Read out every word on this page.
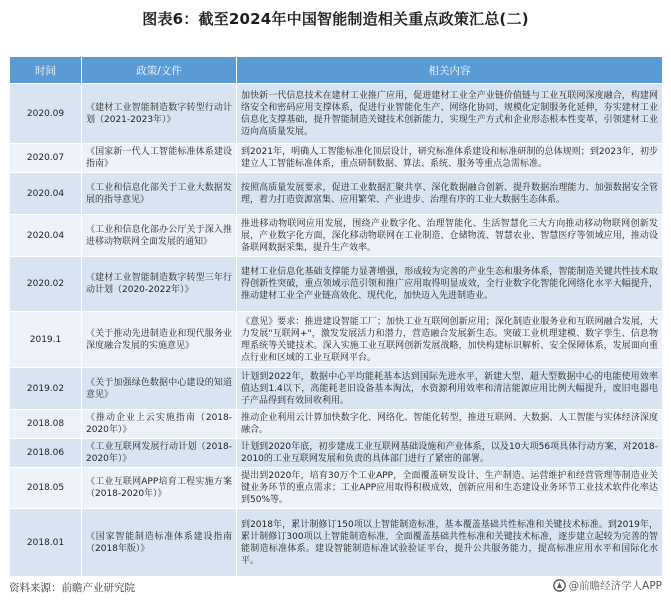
图表6：截至2024年中国智能制造相关重点政策汇总(二)
时间	政策/文件	相关内容
2020.09	《建材工业智能制造数字转型行动计划（2021-2023年）》	加快新一代信息技术在建材工业推广应用，促进建材工业全产业链价值链与工业互联网深度融合，构建网络安全和密码应用支撑体系，促进行业智能化生产、网络化协同、规模化定制服务化延伸，夯实建材工业信息化支撑基础，提升智能制造关键技术创新能力，实现生产方式和企业形态根本性变革，引领建材工业迈向高质量发展。
2020.07	《国家新一代人工智能标准体系建设指南》	到2021年，明确人工智能标准化顶层设计，研究标准体系建设和标准研制的总体规则；到2023年，初步建立人工智能标准体系，重点研制数据、算法、系统、服务等重点急需标准。
2020.04	《工业和信息化部关于工业大数据发展的指导意见》	按照高质量发展要求，促进工业数据汇聚共享、深化数据融合创新、提升数据治理能力、加强数据安全管理，着力打造资源富集、应用繁荣、产业进步、治理有序的工业大数据生态体系。
2020.04	《工业和信息化部办公厅关于深入推进移动物联网全面发展的通知》	推进移动物联网应用发展，围绕产业数字化、治理智能化、生活智慧化三大方向推动移动物联网创新发展，产业数字化方面，深化移动物联网在工业制造、仓储物流、智慧农业、智慧医疗等领域应用，推动设备联网数据采集，提升生产效率。
2020.02	《建材工业智能制造数字转型三年行动计划（2020-2022年）》	建材工业信息化基础支撑能力显著增强，形成较为完善的产业生态和服务体系，智能制造关键共性技术取得创新性突破，重点领域示范引领和推广应用取得明显成效，全行业数字化智能化网络化水平大幅提升，推动建材工业全产业链高效化、现代化，加快迈入先进制造业。
2019.1	《关于推动先进制造业和现代服务业深度融合发展的实施意见》	《意见》要求：推进建设智能工厂；加快工业互联网创新应用；深化制造业服务业和互联网融合发展，大力发展"互联网+"，激发发展活力和潜力，营造融合发展新生态。突破工业机理建模、数字孪生、信息物理系统等关键技术。深入实施工业互联网创新发展战略，加快构建标识解析、安全保障体系，发展面向重点行业和区域的工业互联网平台。
2019.02	《关于加强绿色数据中心建设的知道意见》	计划到2022年，数据中心平均能耗基本达到国际先进水平，新建大型、超大型数据中心的电能使用效率值达到1.4以下，高能耗老旧设备基本淘汰，水资源利用效率和清洁能源应用比例大幅提升，废旧电器电子产品得到有效回收利用。
2018.08	《推动企业上云实施指南（2018-2020年）》	推动企业利用云计算加快数字化、网络化、智能化转型，推进互联网、大数据、人工智能与实体经济深度融合。
2018.06	《工业互联网发展行动计划（2018-2020年）》	计划到2020年底，初步建成工业互联网基础设施和产业体系，以及10大项56项具体行动方案，对2018-2010的工业互联网发展和负责的具体部门进行了紧密的部署。
2018.05	《工业互联网APP培育工程实施方案（2018-2020年）》	提出到2020年，培育30万个工业APP，全面覆盖研发设计、生产制造、运营维护和经营管理等制造业关键业务环节的重点需求；工业APP应用取得积极成效，创新应用和生态建设业务环节工业技术软件化率达到50%等。
2018.01	《国家智能制造标准体系建设指南（2018年版）》	到2018年，累计制修订150项以上智能制造标准，基本覆盖基础共性标准和关键技术标准。到2019年，累计制修订300项以上智能制造标准，全面覆盖基础共性标准和关键技术标准，逐步建立起较为完善的智能制造标准体系。建设智能制造标准试验验证平台，提升公共服务能力，提高标准应用水平和国际化水平。
资料来源：前瞻产业研究院	@前瞻经济学人APP
